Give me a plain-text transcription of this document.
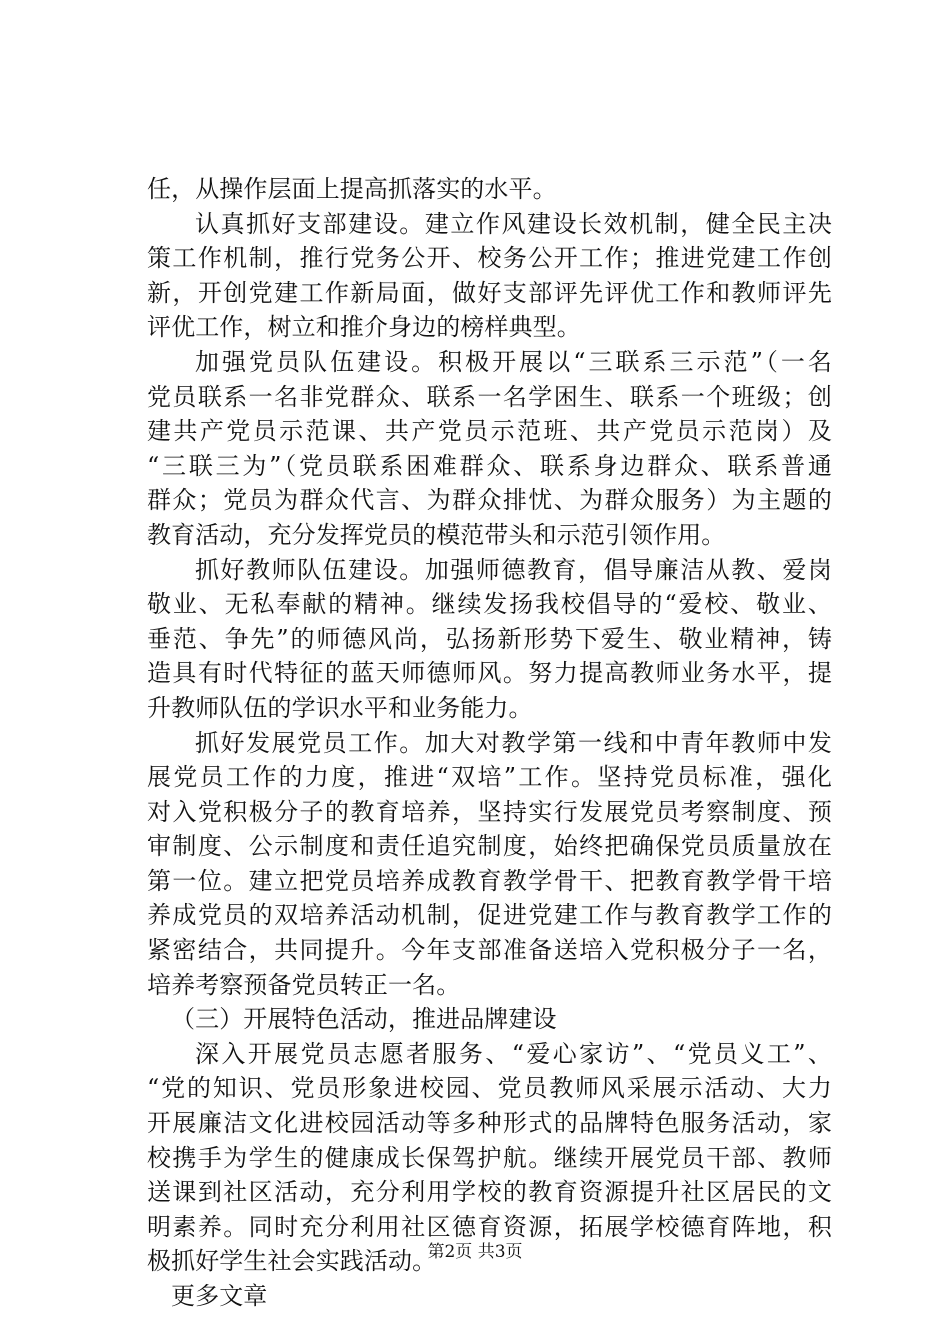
任，从操作层面上提高抓落实的水平。
认真抓好支部建设。建立作风建设长效机制，健全民主决
策工作机制，推行党务公开、校务公开工作；推进党建工作创
新，开创党建工作新局面，做好支部评先评优工作和教师评先
评优工作，树立和推介身边的榜样典型。
加强党员队伍建设。积极开展以“三联系三示范”（一名
党员联系一名非党群众、联系一名学困生、联系一个班级；创
建共产党员示范课、共产党员示范班、共产党员示范岗）及
“三联三为”（党员联系困难群众、联系身边群众、联系普通
群众；党员为群众代言、为群众排忧、为群众服务）为主题的
教育活动，充分发挥党员的模范带头和示范引领作用。
抓好教师队伍建设。加强师德教育，倡导廉洁从教、爱岗
敬业、无私奉献的精神。继续发扬我校倡导的“爱校、敬业、
垂范、争先”的师德风尚，弘扬新形势下爱生、敬业精神，铸
造具有时代特征的蓝天师德师风。努力提高教师业务水平，提
升教师队伍的学识水平和业务能力。
抓好发展党员工作。加大对教学第一线和中青年教师中发
展党员工作的力度，推进“双培”工作。坚持党员标准，强化
对入党积极分子的教育培养，坚持实行发展党员考察制度、预
审制度、公示制度和责任追究制度，始终把确保党员质量放在
第一位。建立把党员培养成教育教学骨干、把教育教学骨干培
养成党员的双培养活动机制，促进党建工作与教育教学工作的
紧密结合，共同提升。今年支部准备送培入党积极分子一名，
培养考察预备党员转正一名。
（三）开展特色活动，推进品牌建设
深入开展党员志愿者服务、“爱心家访”、“党员义工”、
“党的知识、党员形象进校园、党员教师风采展示活动、大力
开展廉洁文化进校园活动等多种形式的品牌特色服务活动，家
校携手为学生的健康成长保驾护航。继续开展党员干部、教师
送课到社区活动，充分利用学校的教育资源提升社区居民的文
明素养。同时充分利用社区德育资源，拓展学校德育阵地，积
极抓好学生社会实践活动。
更多文章
第2页 共3页
